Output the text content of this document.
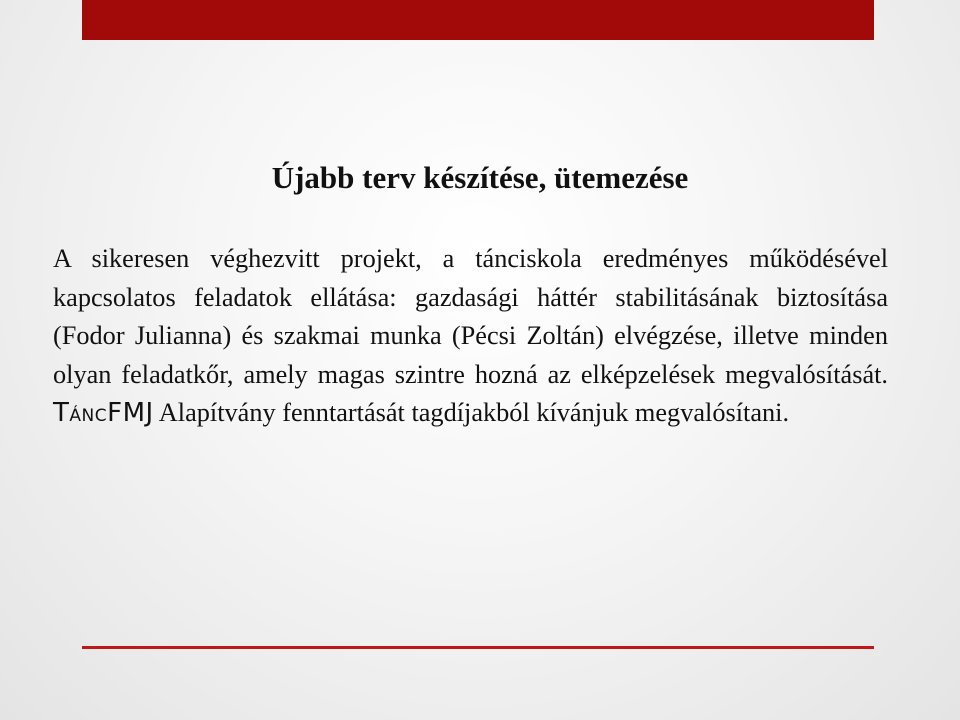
Újabb terv készítése, ütemezése

A sikeresen véghezvitt projekt, a tánciskola eredményes működésével kapcsolatos feladatok ellátása: gazdasági háttér stabilitásának biztosítása (Fodor Julianna) és szakmai munka (Pécsi Zoltán) elvégzése, illetve minden olyan feladatkőr, amely magas szintre hozná az elképzelések megvalósítását. TÁNCFMJ Alapítvány fenntartását tagdíjakból kívánjuk megvalósítani.
